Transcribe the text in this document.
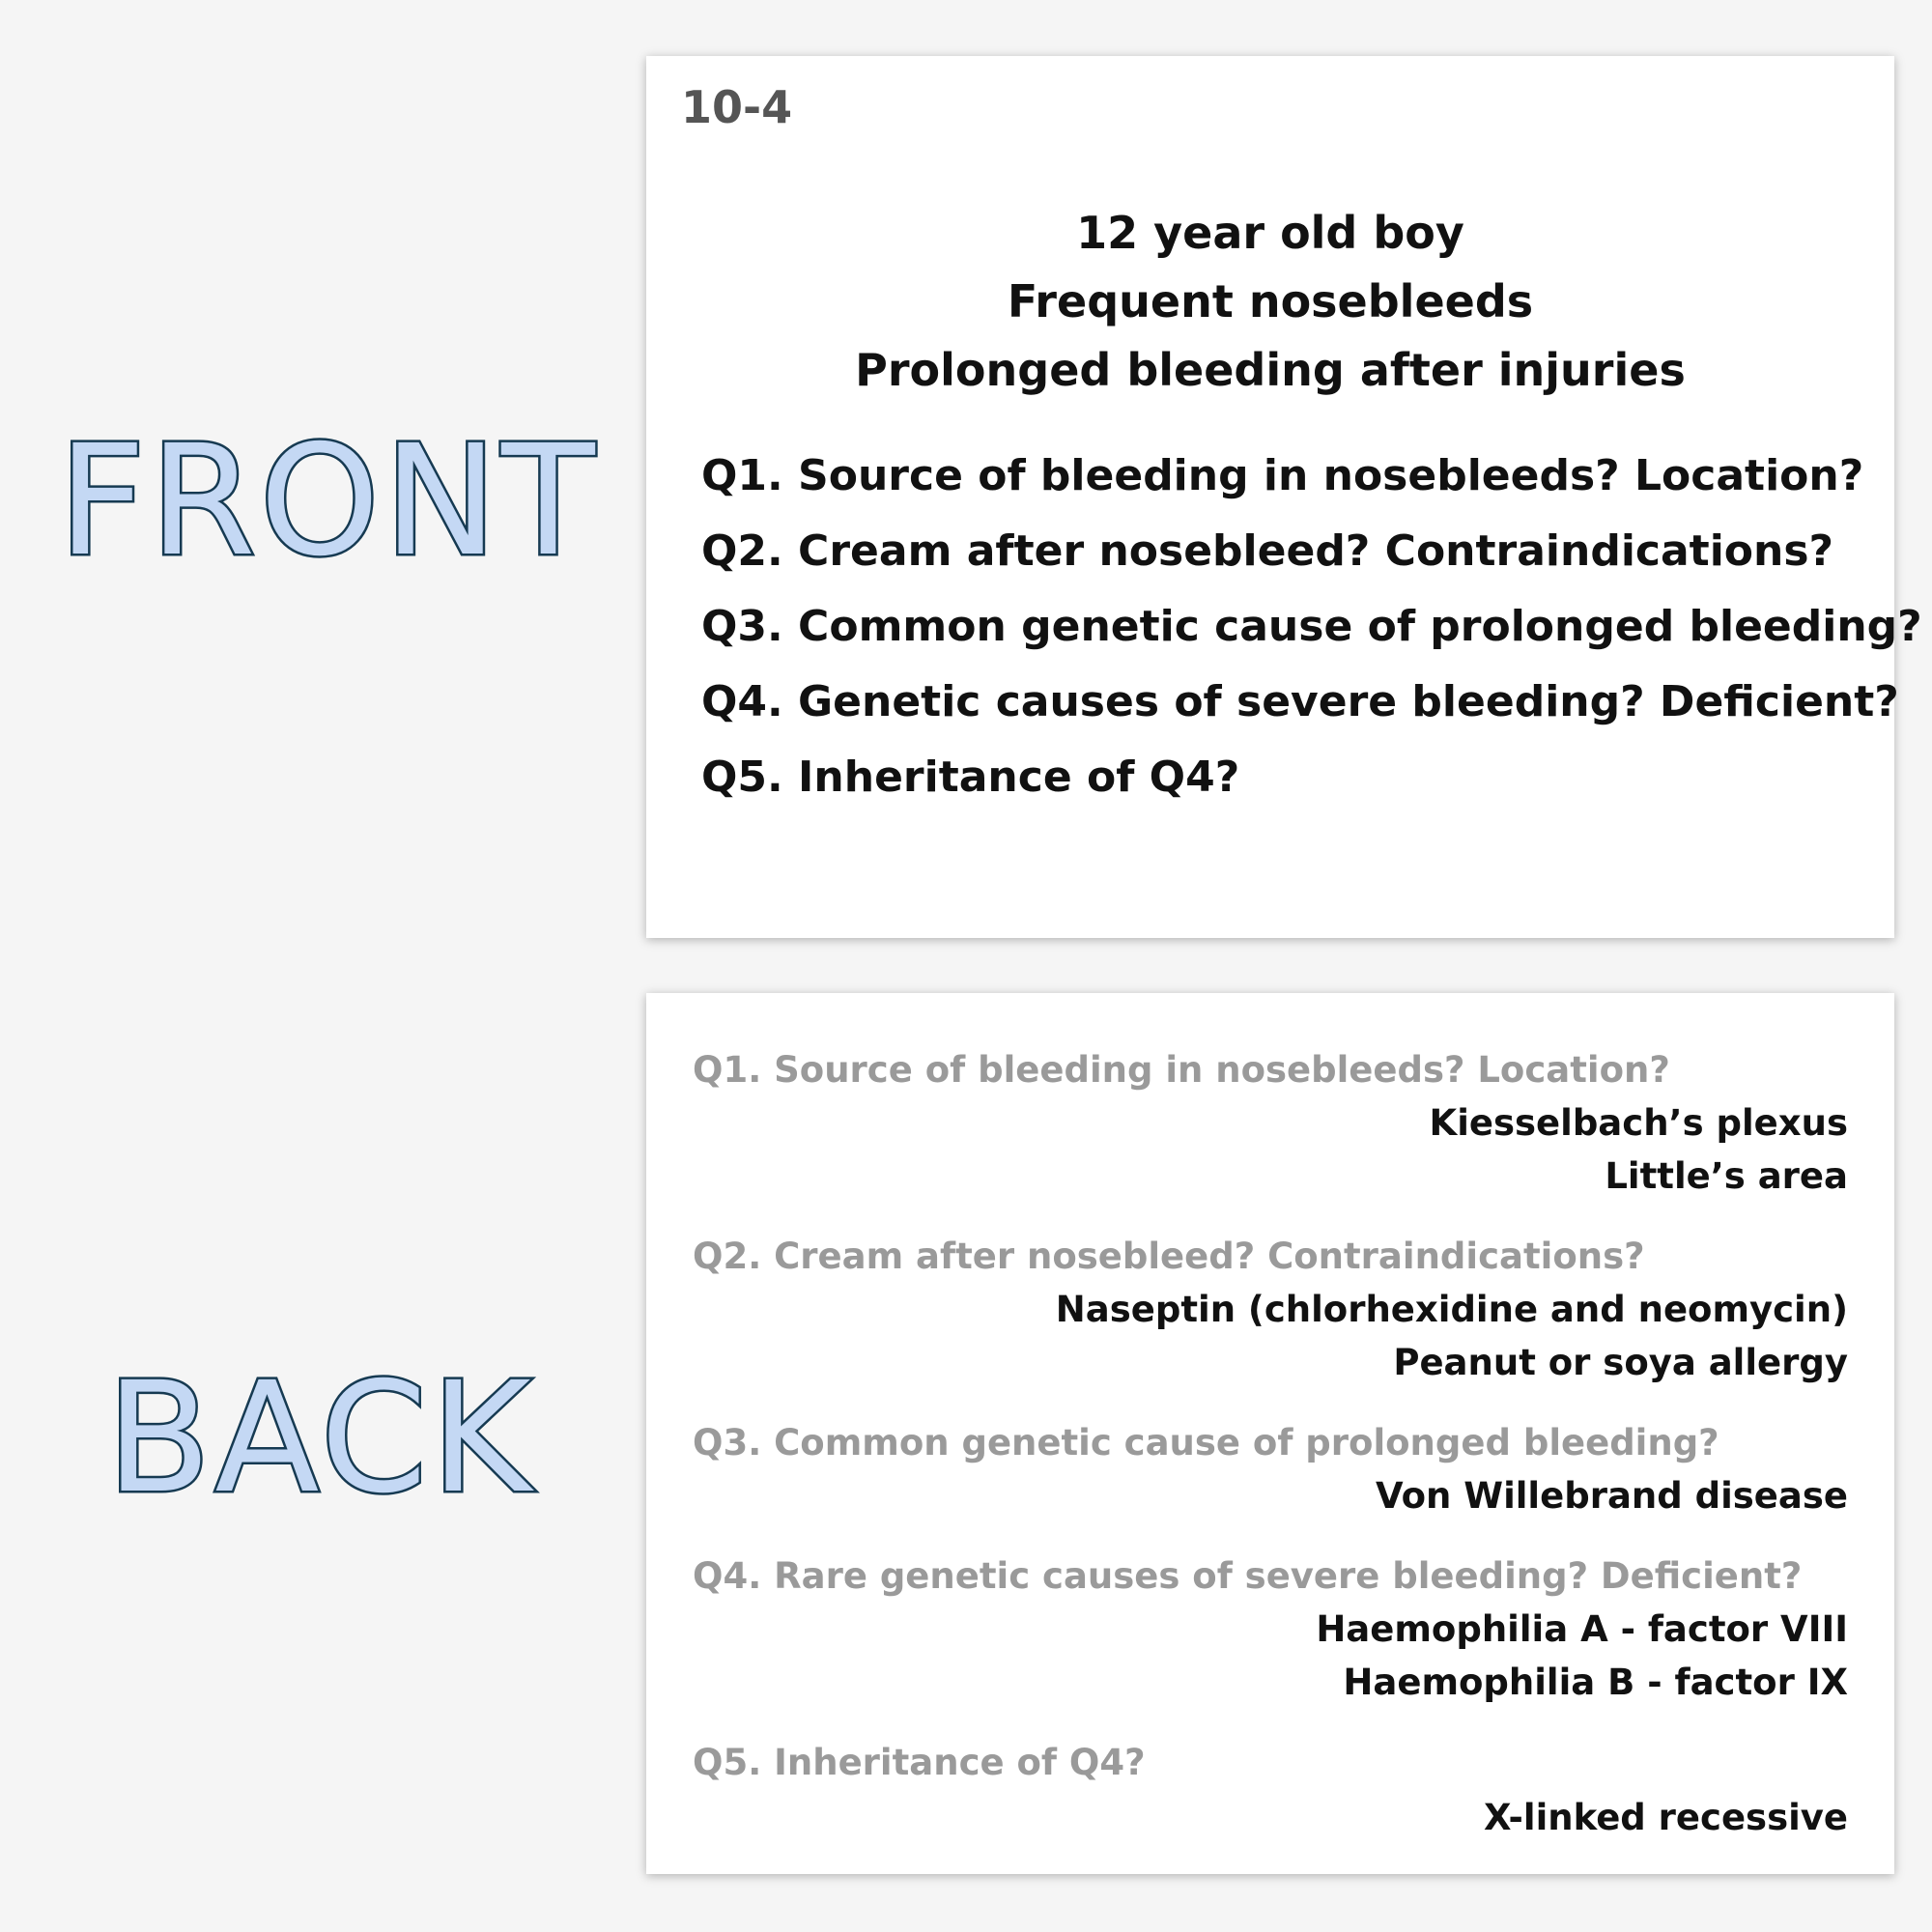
FRONT
BACK
10-4
12 year old boy
Frequent nosebleeds
Prolonged bleeding after injuries
Q1. Source of bleeding in nosebleeds? Location?
Q2. Cream after nosebleed? Contraindications?
Q3. Common genetic cause of prolonged bleeding?
Q4. Genetic causes of severe bleeding? Deficient?
Q5. Inheritance of Q4?
Q1. Source of bleeding in nosebleeds? Location?
Kiesselbach’s plexus
Little’s area
Q2. Cream after nosebleed? Contraindications?
Naseptin (chlorhexidine and neomycin)
Peanut or soya allergy
Q3. Common genetic cause of prolonged bleeding?
Von Willebrand disease
Q4. Rare genetic causes of severe bleeding? Deficient?
Haemophilia A - factor VIII
Haemophilia B - factor IX
Q5. Inheritance of Q4?
X-linked recessive
